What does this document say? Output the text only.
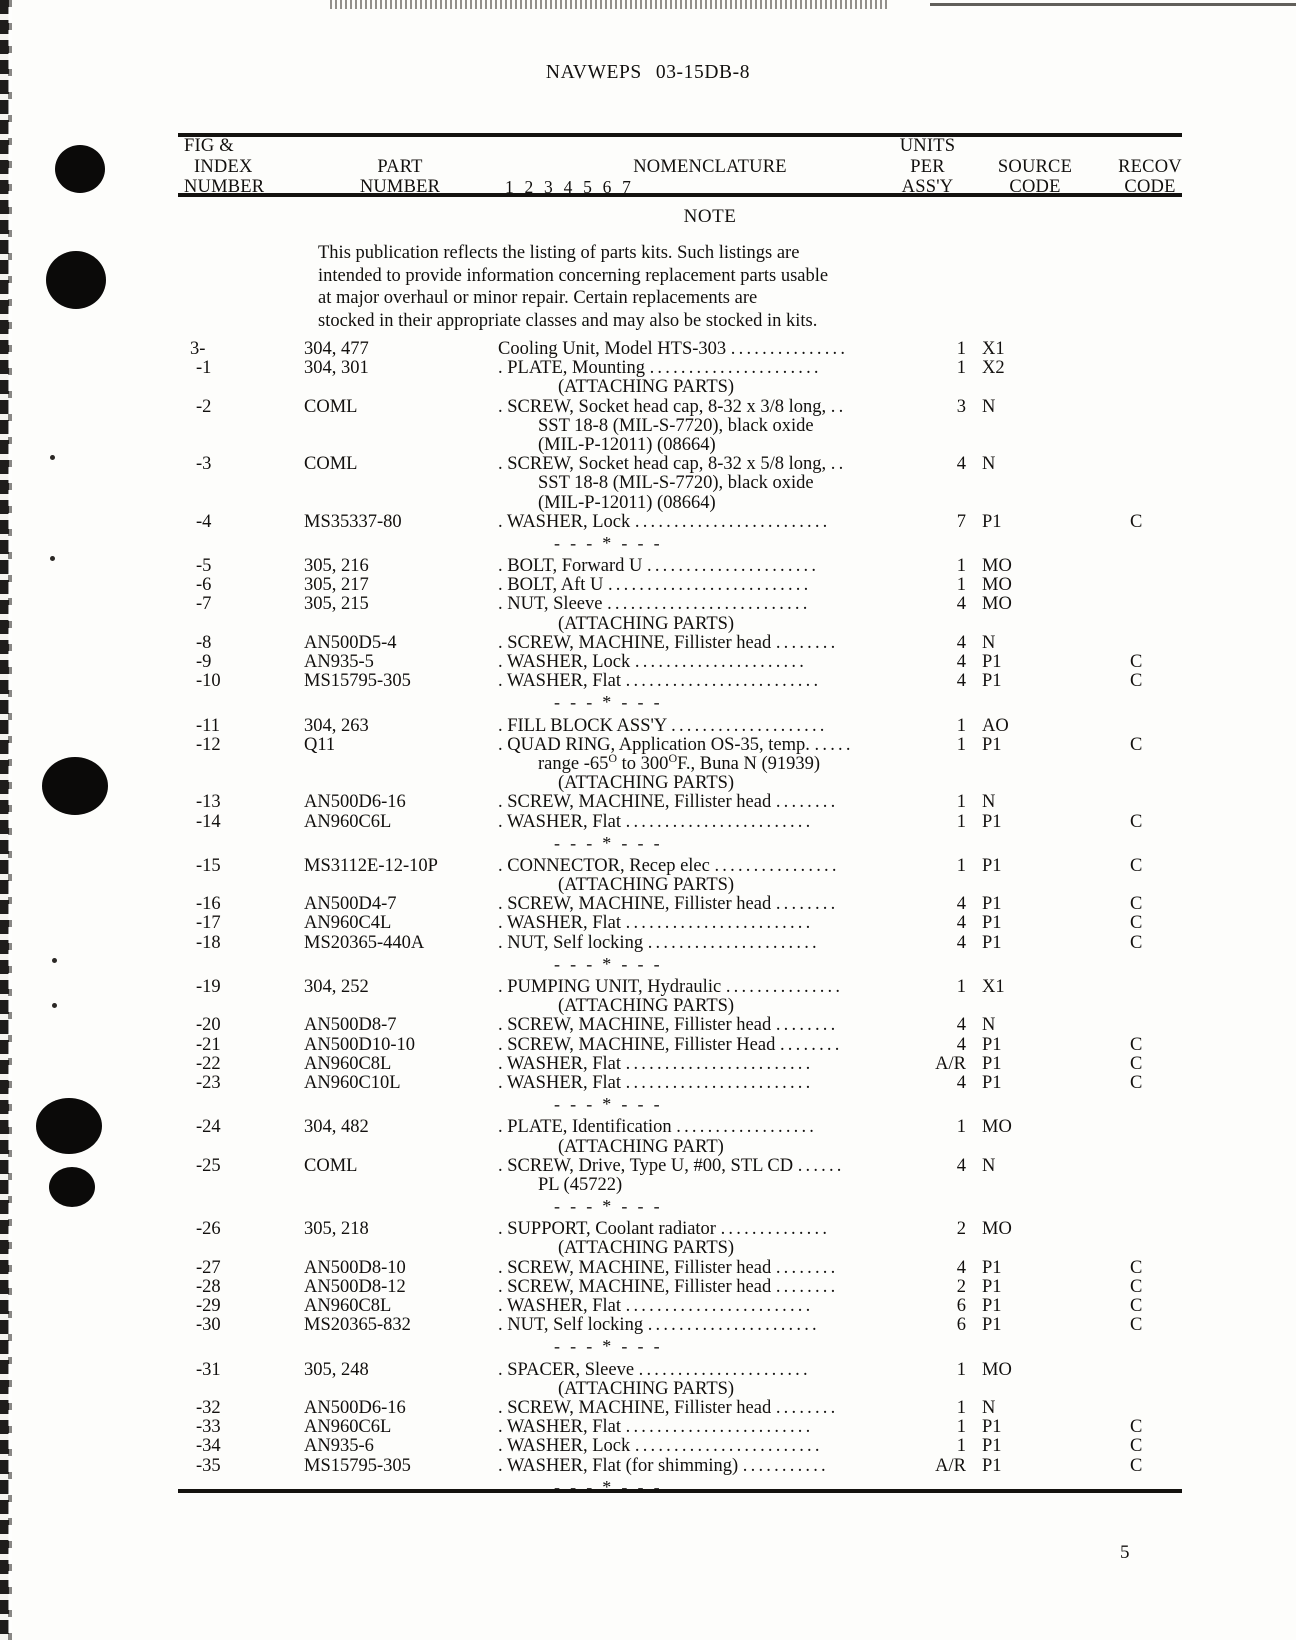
NAVWEPS 03-15DB-8
FIG &
INDEX
NUMBER

PART
NUMBER

NOMENCLATURE
1 2 3 4 5 6 7
UNITS
PER
ASS'Y

SOURCE
CODE

RECOV
CODE
NOTE

This publication reflects the listing of parts kits. Such listings are

intended to provide information concerning replacement parts usable

at major overhaul or minor repair. Certain replacements are

stocked in their appropriate classes and may also be stocked in kits.

3-	304, 477	Cooling Unit, Model HTS-303 ...............	1 X1
-1	304, 301	. PLATE, Mounting ......................	1 X2
(ATTACHING PARTS)
-2	COML	. SCREW, Socket head cap, 8-32 x 3/8 long, ..	3 N
SST 18-8 (MIL-S-7720), black oxide
(MIL-P-12011) (08664)
-3	COML	. SCREW, Socket head cap, 8-32 x 5/8 long, ..	4 N
SST 18-8 (MIL-S-7720), black oxide
(MIL-P-12011) (08664)
-4	MS35337-80	. WASHER, Lock .........................	7 P1	C
- - - * - - -
-5	305, 216	. BOLT, Forward U ......................	1 MO
-6	305, 217	. BOLT, Aft U ..........................	1 MO
-7	305, 215	. NUT, Sleeve ..........................	4 MO
(ATTACHING PARTS)
-8	AN500D5-4	. SCREW, MACHINE, Fillister head ........	4 N
-9	AN935-5	. WASHER, Lock ......................	4 P1	C
-10	MS15795-305	. WASHER, Flat .........................	4 P1	C
- - - * - - -
-11	304, 263	. FILL BLOCK ASS'Y ....................	1 AO
-12	Q11	. QUAD RING, Application OS-35, temp. .....	1 P1	C
range $-65^O$ to $300^OF$., Buna N (91939)
(ATTACHING PARTS)
-13	AN500D6-16	. SCREW, MACHINE, Fillister head ........	1 N
-14	AN960C6L	. WASHER, Flat ........................	1 P1	C
- - - * - - -
-15	MS3112E-12-10P	. CONNECTOR, Recep elec ................	1 P1	C
(ATTACHING PARTS)
-16	AN500D4-7	. SCREW, MACHINE, Fillister head ........	4 P1	C
-17	AN960C4L	. WASHER, Flat ........................	4 P1	C
-18	MS20365-440A	. NUT, Self locking ......................	4 P1	C
- - - * - - -
-19	304, 252	. PUMPING UNIT, Hydraulic ...............	1 X1
(ATTACHING PARTS)
-20	AN500D8-7	. SCREW, MACHINE, Fillister head ........	4 N
-21	AN500D10-10	. SCREW, MACHINE, Fillister Head ........	4 P1	C
-22	AN960C8L	. WASHER, Flat ........................	A/R P1	C
-23	AN960C10L	. WASHER, Flat ........................	4 P1	C
- - - * - - -
-24	304, 482	. PLATE, Identification ..................	1 MO
(ATTACHING PART)
-25	COML	. SCREW, Drive, Type U, #00, STL CD ......	4 N
PL (45722)
- - - * - - -
-26	305, 218	. SUPPORT, Coolant radiator ..............	2 MO
(ATTACHING PARTS)
-27	AN500D8-10	. SCREW, MACHINE, Fillister head ........	4 P1	C
-28	AN500D8-12	. SCREW, MACHINE, Fillister head ........	2 P1	C
-29	AN960C8L	. WASHER, Flat ........................	6 P1	C
-30	MS20365-832	. NUT, Self locking ......................	6 P1	C
- - - * - - -
-31	305, 248	. SPACER, Sleeve ......................	1 MO
(ATTACHING PARTS)
-32	AN500D6-16	. SCREW, MACHINE, Fillister head ........	1 N
-33	AN960C6L	. WASHER, Flat ........................	1 P1	C
-34	AN935-6	. WASHER, Lock ........................	1 P1	C
-35	MS15795-305	. WASHER, Flat (for shimming) ...........	A/R P1	C
- - - * - - -
5
